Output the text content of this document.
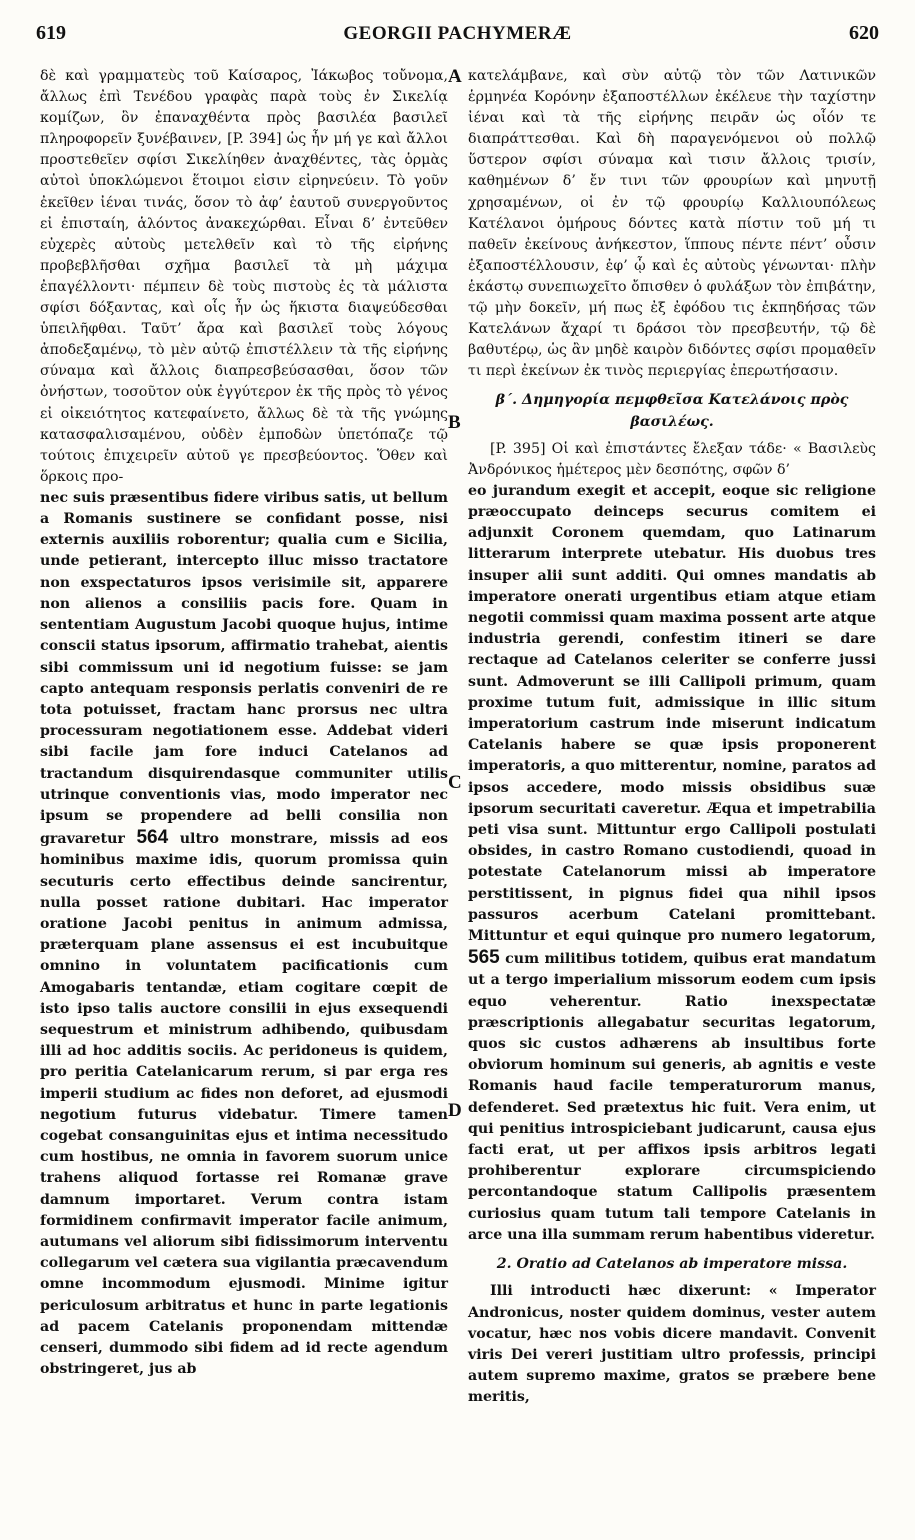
619	GEORGII PACHYMERÆ	620

δὲ καὶ γραμματεὺς τοῦ Καίσαρος, Ἰάκωβος τοὔνομα, ἄλλως ἐπὶ Τενέδου γραφὰς παρὰ τοὺς ἐν Σικελίᾳ κομίζων, ὃν ἐπαναχθέντα πρὸς βασιλέα βασιλεῖ πληροφορεῖν ξυνέβαινεν, [P. 394] ὡς ἦν μή γε καὶ ἄλλοι προστεθεῖεν σφίσι Σικελίηθεν ἀναχθέντες, τὰς ὁρμὰς αὐτοὶ ὑποκλώμενοι ἕτοιμοι εἰσιν εἰρηνεύειν. Τὸ γοῦν ἐκεῖθεν ἰέναι τινάς, ὅσον τὸ ἀφ’ ἑαυτοῦ συνεργοῦντος εἰ ἐπισταίη, ἁλόντος ἀνακεχώρθαι. Εἶναι δ’ ἐντεῦθεν εὐχερὲς αὐτοὺς μετελθεῖν καὶ τὸ τῆς εἰρήνης προβεβλῆσθαι σχῆμα βασιλεῖ τὰ μὴ μάχιμα ἐπαγέλλοντι· πέμπειν δὲ τοὺς πιστοὺς ἐς τὰ μάλιστα σφίσι δόξαντας, καὶ οἷς ἦν ὡς ἥκιστα διαψεύδεσθαι ὑπειλῆφθαι. Ταῦτ’ ἄρα καὶ βασιλεῖ τοὺς λόγους ἀποδεξαμένῳ, τὸ μὲν αὐτῷ ἐπιστέλλειν τὰ τῆς εἰρήνης σύναμα καὶ ἄλλοις διαπρεσβεύσασθαι, ὅσον τῶν ὀνήστων, τοσοῦτον οὐκ ἐγγύτερον ἐκ τῆς πρὸς τὸ γένος εἰ οἰκειότητος κατεφαίνετο, ἄλλως δὲ τὰ τῆς γνώμης κατασφαλισαμένου, οὐδὲν ἐμποδὼν ὑπετόπαζε τῷ τούτοις ἐπιχειρεῖν αὐτοῦ γε πρεσβεύοντος. Ὅθεν καὶ ὅρκοις προ-

nec suis præsentibus fidere viribus satis, ut bellum a Romanis sustinere se confidant posse, nisi externis auxiliis roborentur; qualia cum e Sicilia, unde petierant, intercepto illuc misso tractatore non exspectaturos ipsos verisimile sit, apparere non alienos a consiliis pacis fore. Quam in sententiam Augustum Jacobi quoque hujus, intime conscii status ipsorum, affirmatio trahebat, aientis sibi commissum uni id negotium fuisse: se jam capto antequam responsis perlatis conveniri de re tota potuisset, fractam hanc prorsus nec ultra processuram negotiationem esse. Addebat videri sibi facile jam fore induci Catelanos ad tractandum disquirendasque communiter utilis utrinque conventionis vias, modo imperator nec ipsum se propendere ad belli consilia non gravaretur 564 ultro monstrare, missis ad eos hominibus maxime idis, quorum promissa quin secuturis certo effectibus deinde sancirentur, nulla posset ratione dubitari. Hac imperator oratione Jacobi penitus in animum admissa, præterquam plane assensus ei est incubuitque omnino in voluntatem pacificationis cum Amogabaris tentandæ, etiam cogitare cœpit de isto ipso talis auctore consilii in ejus exsequendi sequestrum et ministrum adhibendo, quibusdam illi ad hoc additis sociis. Ac peridoneus is quidem, pro peritia Catelanicarum rerum, si par erga res imperii studium ac fides non deforet, ad ejusmodi negotium futurus videbatur. Timere tamen cogebat consanguinitas ejus et intima necessitudo cum hostibus, ne omnia in favorem suorum unice trahens aliquod fortasse rei Romanæ grave damnum importaret. Verum contra istam formidinem confirmavit imperator facile animum, autumans vel aliorum sibi fidissimorum interventu collegarum vel cætera sua vigilantia præcavendum omne incommodum ejusmodi. Minime igitur periculosum arbitratus et hunc in parte legationis ad pacem Catelanis proponendam mittendæ censeri, dummodo sibi fidem ad id recte agendum obstringeret, jus ab

κατελάμβανε, καὶ σὺν αὐτῷ τὸν τῶν Λατινικῶν ἑρμηνέα Κορόνην ἐξαποστέλλων ἐκέλευε τὴν ταχίστην ἰέναι καὶ τὰ τῆς εἰρήνης πειρᾶν ὡς οἷόν τε διαπράττεσθαι. Καὶ δὴ παραγενόμενοι οὐ πολλῷ ὕστερον σφίσι σύναμα καὶ τισιν ἄλλοις τρισίν, καθημένων δ’ ἔν τινι τῶν φρουρίων καὶ μηνυτῇ χρησαμένων, οἱ ἐν τῷ φρουρίῳ Καλλιουπόλεως Κατέλανοι ὁμήρους δόντες κατὰ πίστιν τοῦ μή τι παθεῖν ἐκείνους ἀνήκεστον, ἵππους πέντε πέντ’ οὖσιν ἐξαποστέλλουσιν, ἐφ’ ᾧ καὶ ἐς αὐτοὺς γένωνται· πλὴν ἑκάστῳ συνεπιωχεῖτο ὄπισθεν ὁ φυλάξων τὸν ἐπιβάτην, τῷ μὴν δοκεῖν, μή πως ἐξ ἐφόδου τις ἐκπηδήσας τῶν Κατελάνων ἄχαρί τι δράσοι τὸν πρεσβευτήν, τῷ δὲ βαθυτέρῳ, ὡς ἂν μηδὲ καιρὸν διδόντες σφίσι προμαθεῖν τι περὶ ἐκείνων ἐκ τινὸς περιεργίας ἐπερωτήσασιν.

β΄. Δημηγορία πεμφθεῖσα Κατελάνοις πρὸς βασιλέως.

[P. 395] Οἱ καὶ ἐπιστάντες ἔλεξαν τάδε· « Βασιλεὺς Ἀνδρόνικος ἡμέτερος μὲν δεσπότης, σφῶν δ’

eo jurandum exegit et accepit, eoque sic religione præoccupato deinceps securus comitem ei adjunxit Coronem quemdam, quo Latinarum litterarum interprete utebatur. His duobus tres insuper alii sunt additi. Qui omnes mandatis ab imperatore onerati urgentibus etiam atque etiam negotii commissi quam maxima possent arte atque industria gerendi, confestim itineri se dare rectaque ad Catelanos celeriter se conferre jussi sunt. Admoverunt se illi Callipoli primum, quam proxime tutum fuit, admissique in illic situm imperatorium castrum inde miserunt indicatum Catelanis habere se quæ ipsis proponerent imperatoris, a quo mitterentur, nomine, paratos ad ipsos accedere, modo missis obsidibus suæ ipsorum securitati caveretur. Æqua et impetrabilia peti visa sunt. Mittuntur ergo Callipoli postulati obsides, in castro Romano custodiendi, quoad in potestate Catelanorum missi ab imperatore perstitissent, in pignus fidei qua nihil ipsos passuros acerbum Catelani promittebant. Mittuntur et equi quinque pro numero legatorum, 565 cum militibus totidem, quibus erat mandatum ut a tergo imperialium missorum eodem cum ipsis equo veherentur. Ratio inexspectatæ præscriptionis allegabatur securitas legatorum, quos sic custos adhærens ab insultibus forte obviorum hominum sui generis, ab agnitis e veste Romanis haud facile temperaturorum manus, defenderet. Sed prætextus hic fuit. Vera enim, ut qui penitius introspiciebant judicarunt, causa ejus facti erat, ut per affixos ipsis arbitros legati prohiberentur explorare circumspiciendo percontandoque statum Callipolis præsentem curiosius quam tutum tali tempore Catelanis in arce una illa summam rerum habentibus videretur.

2. Oratio ad Catelanos ab imperatore missa.

Illi introducti hæc dixerunt: « Imperator Andronicus, noster quidem dominus, vester autem vocatur, hæc nos vobis dicere mandavit. Convenit viris Dei vereri justitiam ultro professis, principi autem supremo maxime, gratos se præbere bene meritis,

A
B
C
D
